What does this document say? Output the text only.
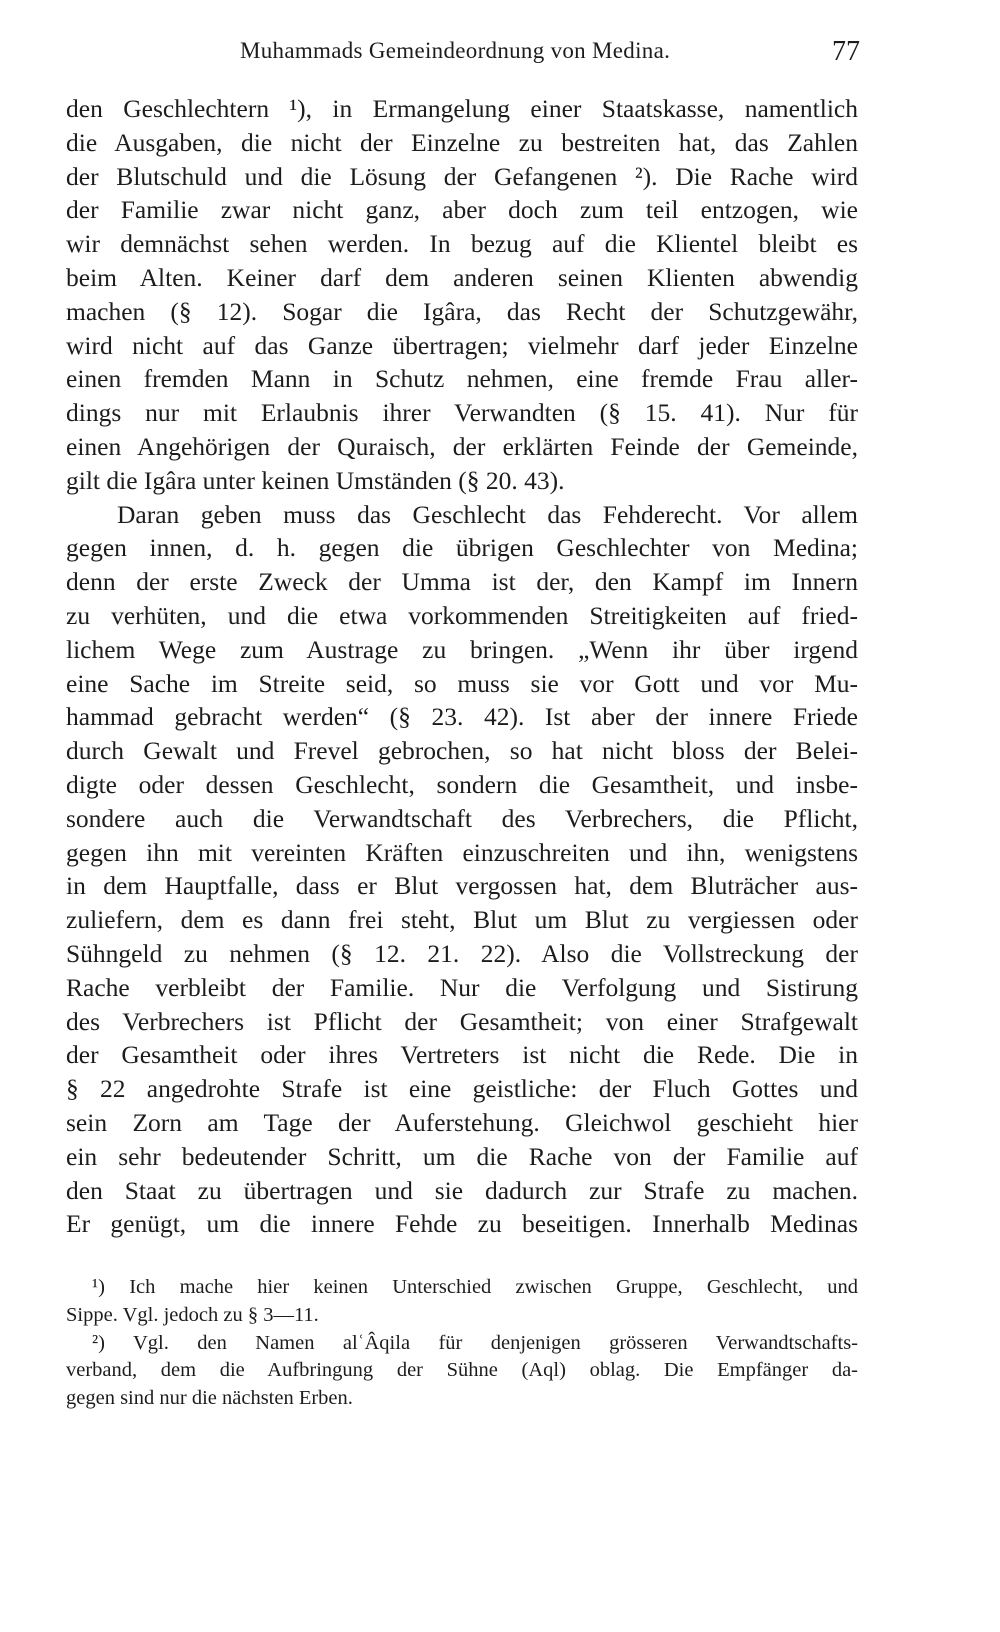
Muhammads Gemeindeordnung von Medina.	77
den Geschlechtern ¹), in Ermangelung einer Staatskasse, namentlich
die Ausgaben, die nicht der Einzelne zu bestreiten hat, das Zahlen
der Blutschuld und die Lösung der Gefangenen ²). Die Rache wird
der Familie zwar nicht ganz, aber doch zum teil entzogen, wie
wir demnächst sehen werden. In bezug auf die Klientel bleibt es
beim Alten. Keiner darf dem anderen seinen Klienten abwendig
machen (§ 12). Sogar die Igâra, das Recht der Schutzgewähr,
wird nicht auf das Ganze übertragen; vielmehr darf jeder Einzelne
einen fremden Mann in Schutz nehmen, eine fremde Frau aller-
dings nur mit Erlaubnis ihrer Verwandten (§ 15. 41). Nur für
einen Angehörigen der Quraisch, der erklärten Feinde der Gemeinde,
gilt die Igâra unter keinen Umständen (§ 20. 43).
Daran geben muss das Geschlecht das Fehderecht. Vor allem
gegen innen, d. h. gegen die übrigen Geschlechter von Medina;
denn der erste Zweck der Umma ist der, den Kampf im Innern
zu verhüten, und die etwa vorkommenden Streitigkeiten auf fried-
lichem Wege zum Austrage zu bringen. „Wenn ihr über irgend
eine Sache im Streite seid, so muss sie vor Gott und vor Mu-
hammad gebracht werden“ (§ 23. 42). Ist aber der innere Friede
durch Gewalt und Frevel gebrochen, so hat nicht bloss der Belei-
digte oder dessen Geschlecht, sondern die Gesamtheit, und insbe-
sondere auch die Verwandtschaft des Verbrechers, die Pflicht,
gegen ihn mit vereinten Kräften einzuschreiten und ihn, wenigstens
in dem Hauptfalle, dass er Blut vergossen hat, dem Bluträcher aus-
zuliefern, dem es dann frei steht, Blut um Blut zu vergiessen oder
Sühngeld zu nehmen (§ 12. 21. 22). Also die Vollstreckung der
Rache verbleibt der Familie. Nur die Verfolgung und Sistirung
des Verbrechers ist Pflicht der Gesamtheit; von einer Strafgewalt
der Gesamtheit oder ihres Vertreters ist nicht die Rede. Die in
§ 22 angedrohte Strafe ist eine geistliche: der Fluch Gottes und
sein Zorn am Tage der Auferstehung. Gleichwol geschieht hier
ein sehr bedeutender Schritt, um die Rache von der Familie auf
den Staat zu übertragen und sie dadurch zur Strafe zu machen.
Er genügt, um die innere Fehde zu beseitigen. Innerhalb Medinas
¹) Ich mache hier keinen Unterschied zwischen Gruppe, Geschlecht, und
Sippe. Vgl. jedoch zu § 3—11.
²) Vgl. den Namen alʿÂqila für denjenigen grösseren Verwandtschafts-
verband, dem die Aufbringung der Sühne (Aql) oblag. Die Empfänger da-
gegen sind nur die nächsten Erben.
